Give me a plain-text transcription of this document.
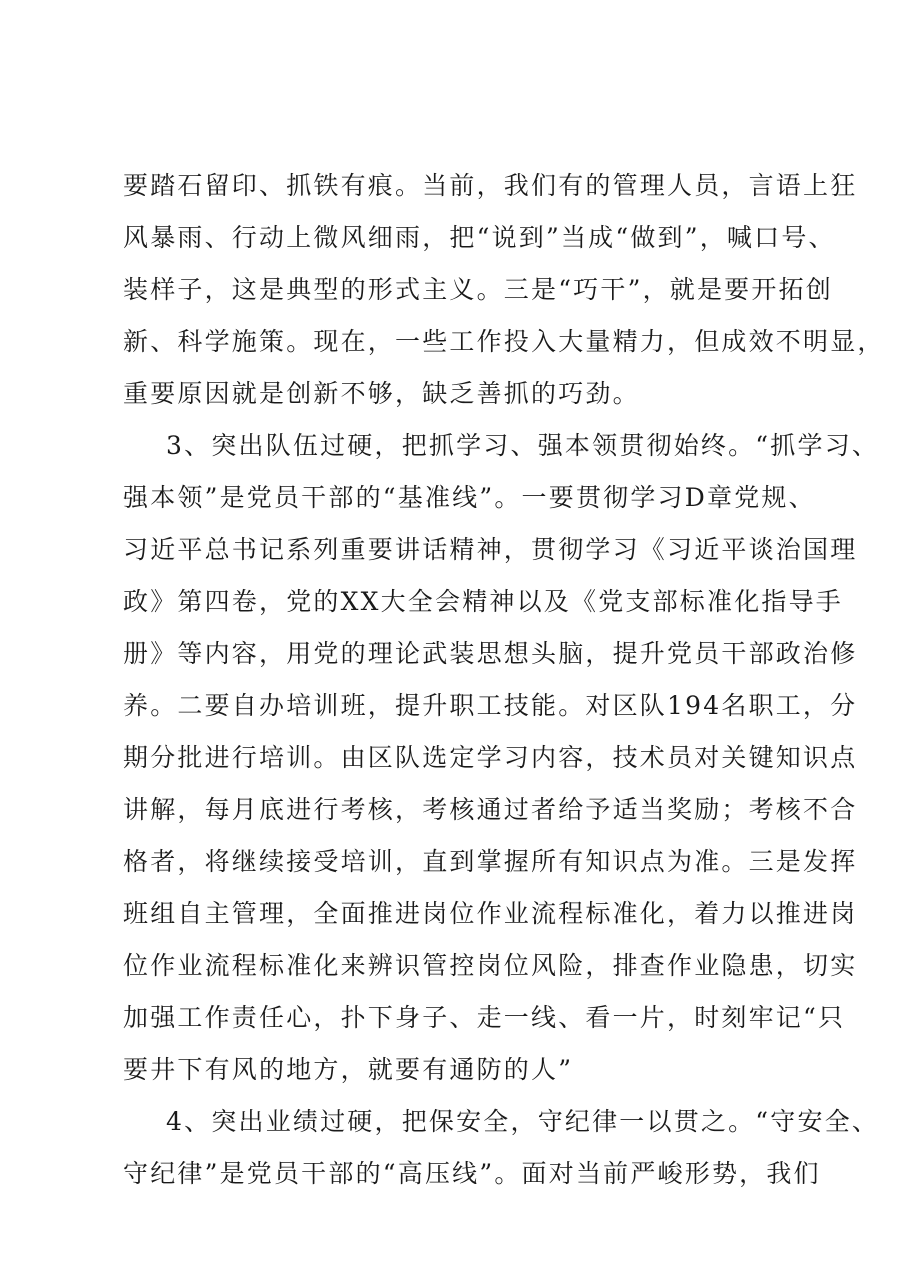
要踏石留印、抓铁有痕。当前，我们有的管理人员，言语上狂
风暴雨、行动上微风细雨，把“说到”当成“做到”，喊口号、
装样子，这是典型的形式主义。三是“巧干”，就是要开拓创
新、科学施策。现在，一些工作投入大量精力，但成效不明显，
重要原因就是创新不够，缺乏善抓的巧劲。
3、突出队伍过硬，把抓学习、强本领贯彻始终。“抓学习、
强本领”是党员干部的“基准线”。一要贯彻学习D章党规、
习近平总书记系列重要讲话精神，贯彻学习《习近平谈治国理
政》第四卷，党的XX大全会精神以及《党支部标准化指导手
册》等内容，用党的理论武装思想头脑，提升党员干部政治修
养。二要自办培训班，提升职工技能。对区队194名职工，分
期分批进行培训。由区队选定学习内容，技术员对关键知识点
讲解，每月底进行考核，考核通过者给予适当奖励；考核不合
格者，将继续接受培训，直到掌握所有知识点为准。三是发挥
班组自主管理，全面推进岗位作业流程标准化，着力以推进岗
位作业流程标准化来辨识管控岗位风险，排查作业隐患，切实
加强工作责任心，扑下身子、走一线、看一片，时刻牢记“只
要井下有风的地方，就要有通防的人”
4、突出业绩过硬，把保安全，守纪律一以贯之。“守安全、
守纪律”是党员干部的“高压线”。面对当前严峻形势，我们
